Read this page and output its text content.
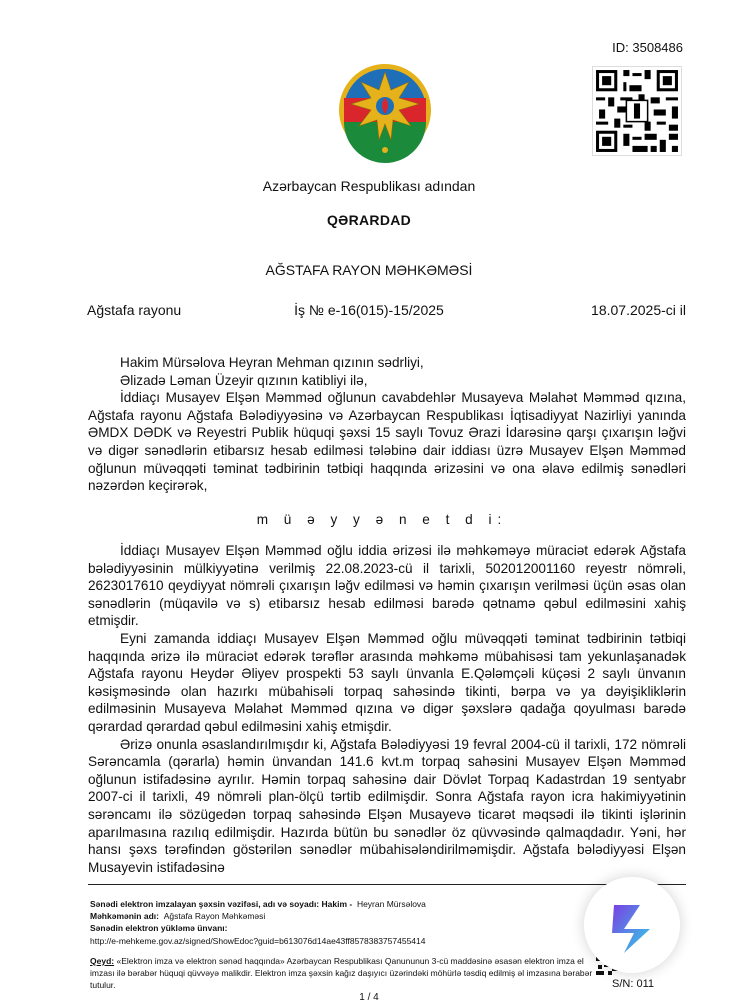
ID: 3508486
Azərbaycan Respublikası adından
QƏRARDAD
AĞSTAFA RAYON MƏHKƏMƏSİ
Ağstafa rayonu	İş № e-16(015)-15/2025	18.07.2025-ci il

Hakim Mürsəlova Heyran Mehman qızının sədrliyi,

Əlizadə Ləman Üzeyir qızının katibliyi ilə,

İddiaçı Musayev Elşən Məmməd oğlunun cavabdehlər Musayeva Məlahət Məmməd qızına, Ağstafa rayonu Ağstafa Bələdiyyəsinə və Azərbaycan Respublikası İqtisadiyyat Nazirliyi yanında ƏMDX DƏDK və Reyestri Publik hüquqi şəxsi 15 saylı Tovuz Ərazi İdarəsinə qarşı çıxarışın ləğvi və digər sənədlərin etibarsız hesab edilməsi tələbinə dair iddiası üzrə Musayev Elşən Məmməd oğlunun müvəqqəti təminat tədbirinin tətbiqi haqqında ərizəsini və ona əlavə edilmiş sənədləri nəzərdən keçirərək,

m ü ə y y ə n e t d i:

İddiaçı Musayev Elşən Məmməd oğlu iddia ərizəsi ilə məhkəməyə müraciət edərək Ağstafa bələdiyyəsinin mülkiyyətinə verilmiş 22.08.2023-cü il tarixli, 502012001160 reyestr nömrəli, 2623017610 qeydiyyat nömrəli çıxarışın ləğv edilməsi və həmin çıxarışın verilməsi üçün əsas olan sənədlərin (müqavilə və s) etibarsız hesab edilməsi barədə qətnamə qəbul edilməsini xahiş etmişdir.

Eyni zamanda iddiaçı Musayev Elşən Məmməd oğlu müvəqqəti təminat tədbirinin tətbiqi haqqında ərizə ilə müraciət edərək tərəflər arasında məhkəmə mübahisəsi tam yekunlaşanadək Ağstafa rayonu Heydər Əliyev prospekti 53 saylı ünvanla E.Qələmçəli küçəsi 2 saylı ünvanın kəsişməsində olan hazırkı mübahisəli torpaq sahəsində tikinti, bərpa və ya dəyişikliklərin edilməsinin Musayeva Məlahət Məmməd qızına və digər şəxslərə qadağa qoyulması barədə qərardad qərardad qəbul edilməsini xahiş etmişdir.

Ərizə onunla əsaslandırılmışdır ki, Ağstafa Bələdiyyəsi 19 fevral 2004-cü il tarixli, 172 nömrəli Sərəncamla (qərarla) həmin ünvandan 141.6 kvt.m torpaq sahəsini Musayev Elşən Məmməd oğlunun istifadəsinə ayrılır. Həmin torpaq sahəsinə dair Dövlət Torpaq Kadastrdan 19 sentyabr 2007-ci il tarixli, 49 nömrəli plan-ölçü tərtib edilmişdir. Sonra Ağstafa rayon icra hakimiyyətinin sərəncamı ilə sözügedən torpaq sahəsində Elşən Musayevə ticarət məqsədi ilə tikinti işlərinin aparılmasına razılıq edilmişdir. Hazırda bütün bu sənədlər öz qüvvəsində qalmaqdadır. Yəni, hər hansı şəxs tərəfindən göstərilən sənədlər mübahisələndirilməmişdir. Ağstafa bələdiyyəsi Elşən Musayevin istifadəsinə

Sənədi elektron imzalayan şəxsin vəzifəsi, adı və soyadı: Hakim - Heyran Mürsəlova
Məhkəmənin adı: Ağstafa Rayon Məhkəməsi
Sənədin elektron yükləmə ünvanı:
http://e-mehkeme.gov.az/signed/ShowEdoc?guid=b613076d14ae43ff8578383757455414
Qeyd: «Elektron imza və elektron sənəd haqqında» Azərbaycan Respublikası Qanununun 3-cü maddəsinə əsasən elektron imza el imzası ilə bərabər hüquqi qüvvəyə malikdir. Elektron imza şəxsin kağız daşıyıcı üzərindəki möhürlə təsdiq edilmiş əl imzasına bərabər tutulur.	S/N: 011
1 / 4
